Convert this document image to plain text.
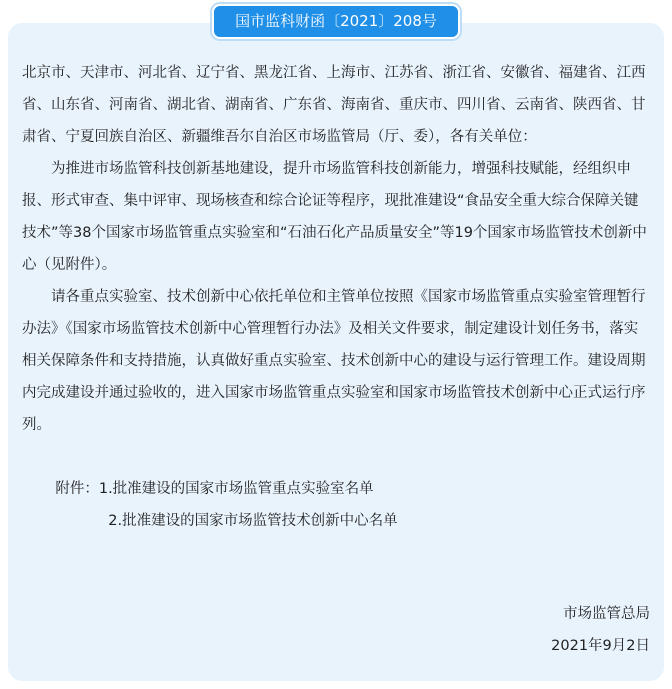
国市监科财函〔2021〕208号

北京市、天津市、河北省、辽宁省、黑龙江省、上海市、江苏省、浙江省、安徽省、福建省、江西省、山东省、河南省、湖北省、湖南省、广东省、海南省、重庆市、四川省、云南省、陕西省、甘肃省、宁夏回族自治区、新疆维吾尔自治区市场监管局（厅、委），各有关单位：

为推进市场监管科技创新基地建设，提升市场监管科技创新能力，增强科技赋能，经组织申报、形式审查、集中评审、现场核查和综合论证等程序，现批准建设“食品安全重大综合保障关键技术”等38个国家市场监管重点实验室和“石油石化产品质量安全”等19个国家市场监管技术创新中心（见附件）。

请各重点实验室、技术创新中心依托单位和主管单位按照《国家市场监管重点实验室管理暂行办法》《国家市场监管技术创新中心管理暂行办法》及相关文件要求，制定建设计划任务书，落实相关保障条件和支持措施，认真做好重点实验室、技术创新中心的建设与运行管理工作。建设周期内完成建设并通过验收的，进入国家市场监管重点实验室和国家市场监管技术创新中心正式运行序列。

附件：1.批准建设的国家市场监管重点实验室名单

2.批准建设的国家市场监管技术创新中心名单

市场监管总局
2021年9月2日
